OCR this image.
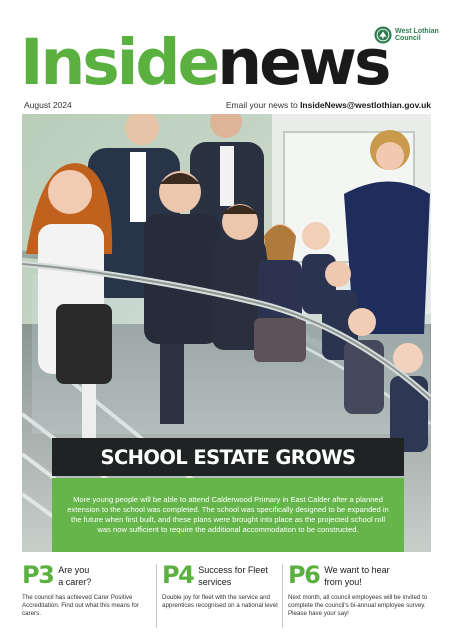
West Lothian
Council
Insidenews
August 2024	Email your news to InsideNews@westlothian.gov.uk
SCHOOL ESTATE GROWS

More young people will be able to attend Calderwood Primary in East Calder after a planned extension to the school was completed. The school was specifically designed to be expanded in the future when first built, and these plans were brought into place as the projected school roll was now sufficient to require the additional accommodation to be constructed.

P3 Are you
a carer?

The council has achieved Carer Positive Accreditation. Find out what this means for carers.

P4 Success for Fleet
services

Double joy for fleet with the service and apprentices recognised on a national level

P6 We want to hear
from you!

Next month, all council employees will be invited to complete the council's bi-annual employee survey. Please have your say!
